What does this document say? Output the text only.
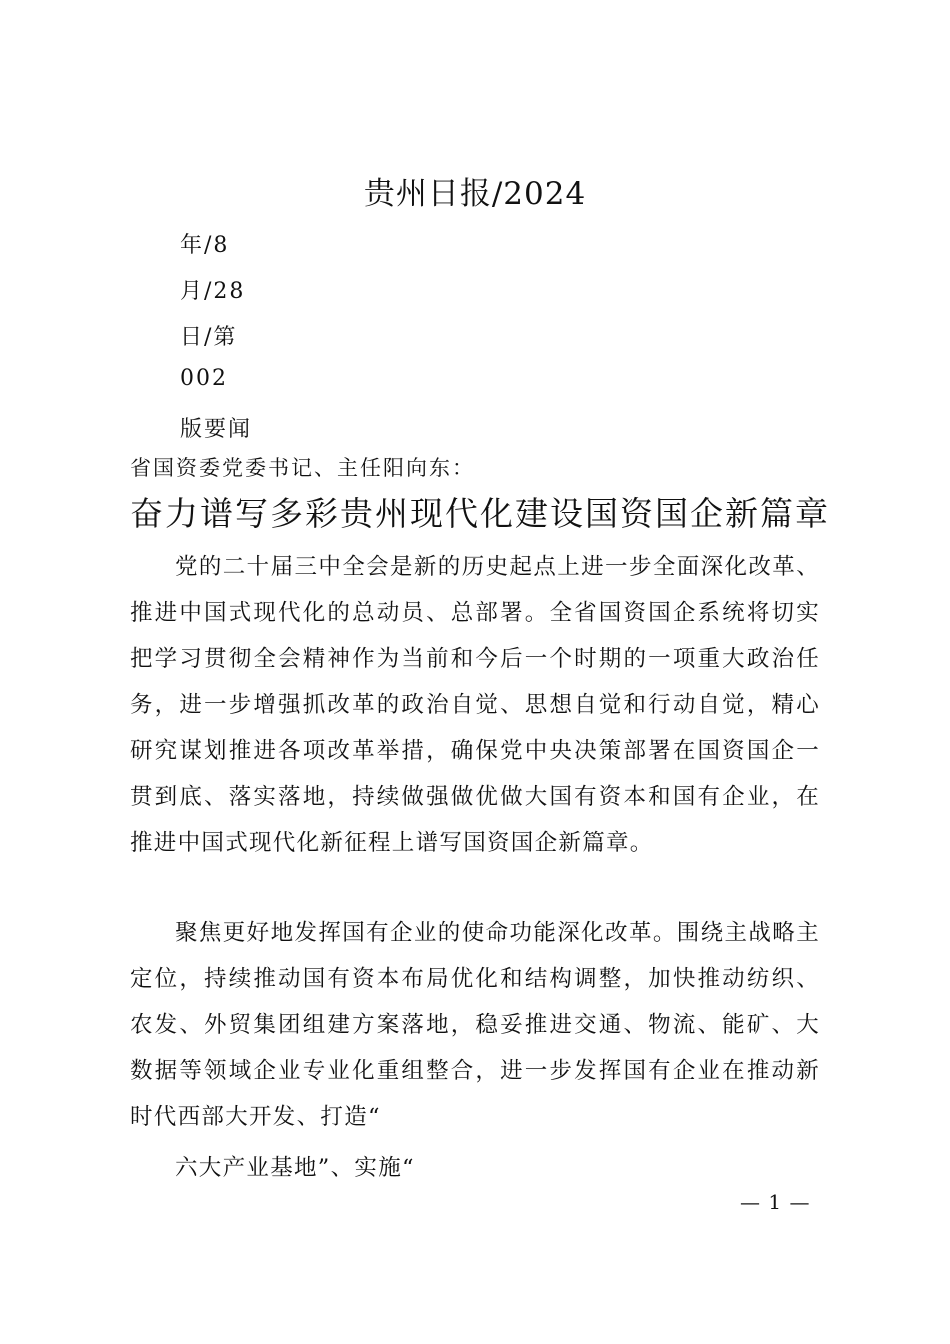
贵州日报/2024
年/8
月/28
日/第
002
版要闻
省国资委党委书记、主任阳向东：
奋力谱写多彩贵州现代化建设国资国企新篇章

党的二十届三中全会是新的历史起点上进一步全面深化改革、推进中国式现代化的总动员、总部署。全省国资国企系统将切实把学习贯彻全会精神作为当前和今后一个时期的一项重大政治任务，进一步增强抓改革的政治自觉、思想自觉和行动自觉，精心研究谋划推进各项改革举措，确保党中央决策部署在国资国企一贯到底、落实落地，持续做强做优做大国有资本和国有企业，在推进中国式现代化新征程上谱写国资国企新篇章。

聚焦更好地发挥国有企业的使命功能深化改革。围绕主战略主定位，持续推动国有资本布局优化和结构调整，加快推动纺织、农发、外贸集团组建方案落地，稳妥推进交通、物流、能矿、大数据等领域企业专业化重组整合，进一步发挥国有企业在推动新时代西部大开发、打造“

六大产业基地”、实施“

— 1 —
